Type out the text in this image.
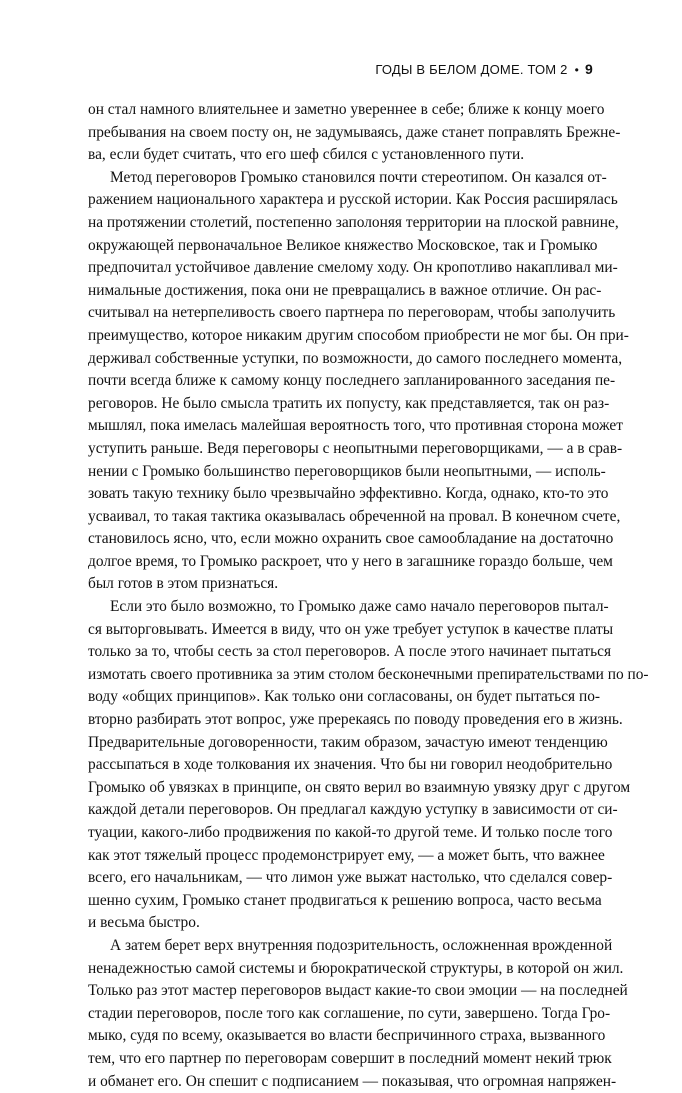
ГОДЫ В БЕЛОМ ДОМЕ. ТОМ 2 • 9
он стал намного влиятельнее и заметно увереннее в себе; ближе к концу моего
пребывания на своем посту он, не задумываясь, даже станет поправлять Брежне-
ва, если будет считать, что его шеф сбился с установленного пути.
Метод переговоров Громыко становился почти стереотипом. Он казался от-
ражением национального характера и русской истории. Как Россия расширялась
на протяжении столетий, постепенно заполоняя территории на плоской равнине,
окружающей первоначальное Великое княжество Московское, так и Громыко
предпочитал устойчивое давление смелому ходу. Он кропотливо накапливал ми-
нимальные достижения, пока они не превращались в важное отличие. Он рас-
считывал на нетерпеливость своего партнера по переговорам, чтобы заполучить
преимущество, которое никаким другим способом приобрести не мог бы. Он при-
держивал собственные уступки, по возможности, до самого последнего момента,
почти всегда ближе к самому концу последнего запланированного заседания пе-
реговоров. Не было смысла тратить их попусту, как представляется, так он раз-
мышлял, пока имелась малейшая вероятность того, что противная сторона может
уступить раньше. Ведя переговоры с неопытными переговорщиками, — а в срав-
нении с Громыко большинство переговорщиков были неопытными, — исполь-
зовать такую технику было чрезвычайно эффективно. Когда, однако, кто-то это
усваивал, то такая тактика оказывалась обреченной на провал. В конечном счете,
становилось ясно, что, если можно охранить свое самообладание на достаточно
долгое время, то Громыко раскроет, что у него в загашнике гораздо больше, чем
был готов в этом признаться.
Если это было возможно, то Громыко даже само начало переговоров пытал-
ся выторговывать. Имеется в виду, что он уже требует уступок в качестве платы
только за то, чтобы сесть за стол переговоров. А после этого начинает пытаться
измотать своего противника за этим столом бесконечными препирательствами по по-
воду «общих принципов». Как только они согласованы, он будет пытаться по-
вторно разбирать этот вопрос, уже пререкаясь по поводу проведения его в жизнь.
Предварительные договоренности, таким образом, зачастую имеют тенденцию
рассыпаться в ходе толкования их значения. Что бы ни говорил неодобрительно
Громыко об увязках в принципе, он свято верил во взаимную увязку друг с другом
каждой детали переговоров. Он предлагал каждую уступку в зависимости от си-
туации, какого-либо продвижения по какой-то другой теме. И только после того
как этот тяжелый процесс продемонстрирует ему, — а может быть, что важнее
всего, его начальникам, — что лимон уже выжат настолько, что сделался совер-
шенно сухим, Громыко станет продвигаться к решению вопроса, часто весьма
и весьма быстро.
А затем берет верх внутренняя подозрительность, осложненная врожденной
ненадежностью самой системы и бюрократической структуры, в которой он жил.
Только раз этот мастер переговоров выдаст какие-то свои эмоции — на последней
стадии переговоров, после того как соглашение, по сути, завершено. Тогда Гро-
мыко, судя по всему, оказывается во власти беспричинного страха, вызванного
тем, что его партнер по переговорам совершит в последний момент некий трюк
и обманет его. Он спешит с подписанием — показывая, что огромная напряжен-
